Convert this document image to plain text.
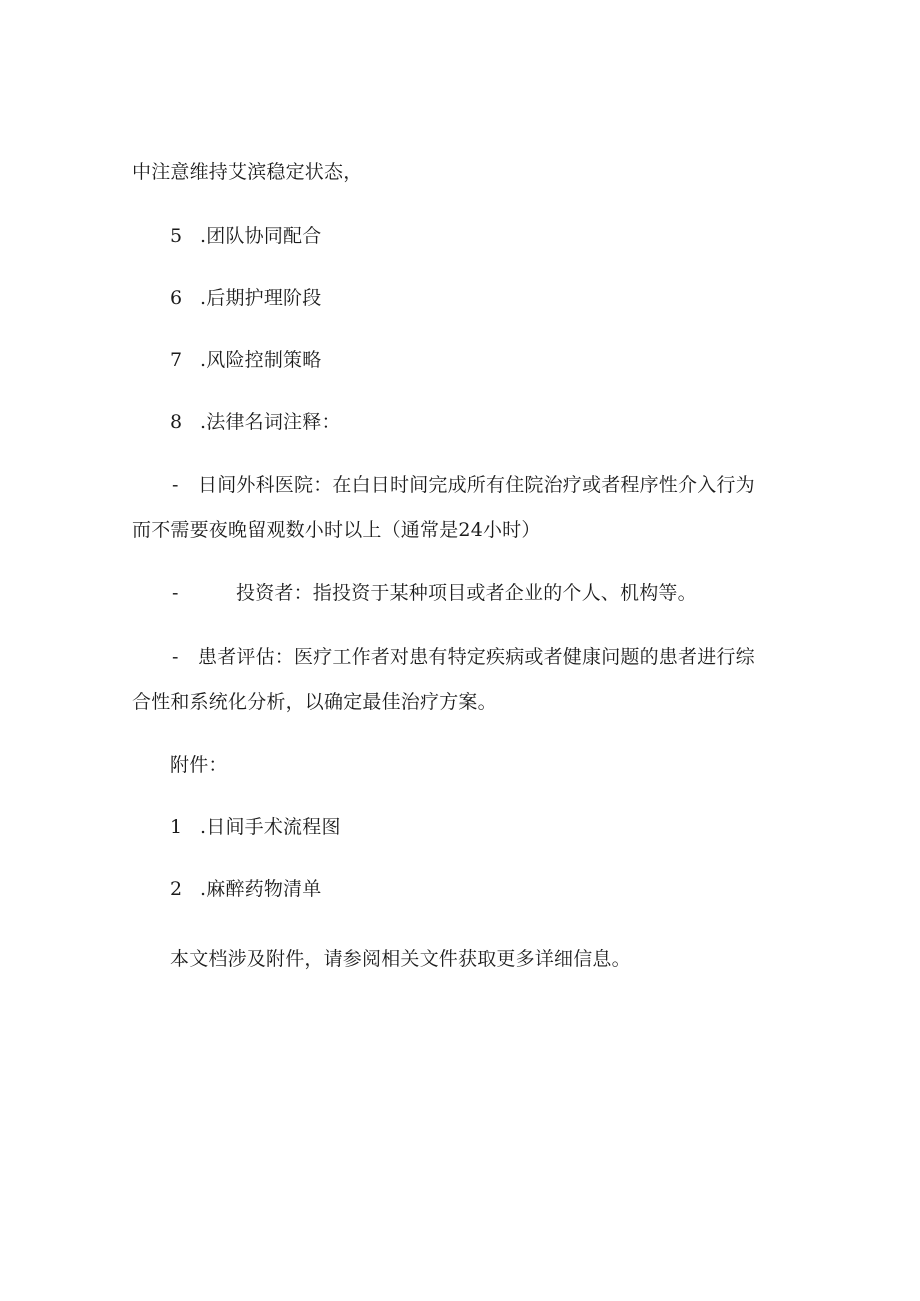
中注意维持艾滨稳定状态，
5 .团队协同配合
6 .后期护理阶段
7 .风险控制策略
8 .法律名词注释：
- 日间外科医院：在白日时间完成所有住院治疗或者程序性介入行为
而不需要夜晚留观数小时以上（通常是24小时）
-	投资者：指投资于某种项目或者企业的个人、机构等。
- 患者评估：医疗工作者对患有特定疾病或者健康问题的患者进行综
合性和系统化分析，以确定最佳治疗方案。
附件：
1 .日间手术流程图
2 .麻醉药物清单
本文档涉及附件，请参阅相关文件获取更多详细信息。
